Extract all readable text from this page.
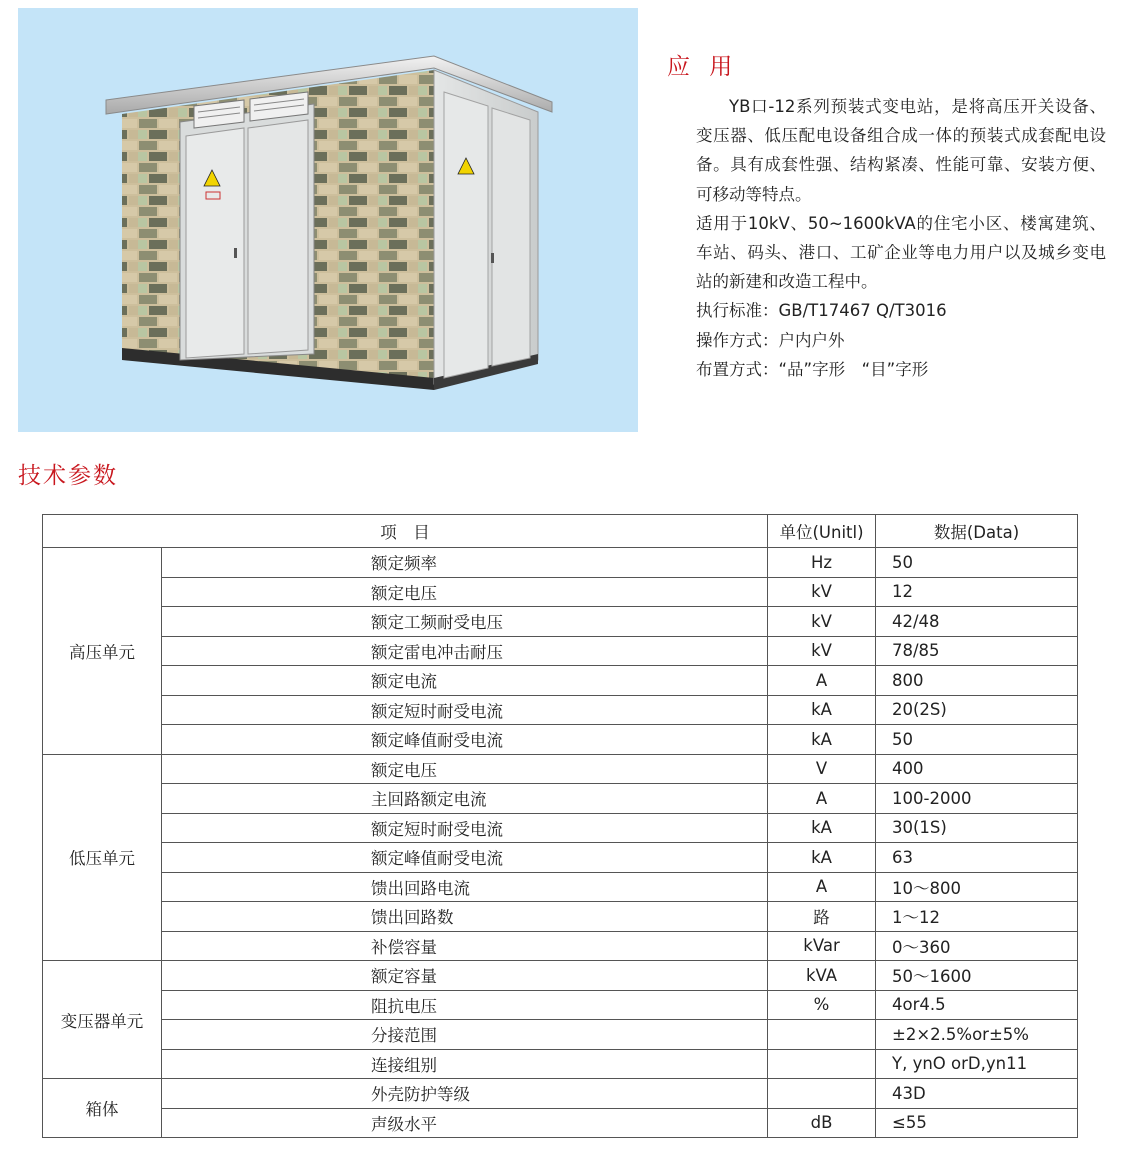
应 用

YB口-12系列预装式变电站，是将高压开关设备、变压器、低压配电设备组合成一体的预装式成套配电设备。具有成套性强、结构紧凑、性能可靠、安装方便、可移动等特点。

适用于10kV、50~1600kVA的住宅小区、楼寓建筑、车站、码头、港口、工矿企业等电力用户以及城乡变电站的新建和改造工程中。

执行标准：GB/T17467 Q/T3016

操作方式：户内户外

布置方式：“品”字形　“目”字形

技术参数
项　目		单位(Unitl)	数据(Data)
高压单元	额定频率	Hz	50
	额定电压	kV	12
	额定工频耐受电压	kV	42/48
	额定雷电冲击耐压	kV	78/85
	额定电流	A	800
	额定短时耐受电流	kA	20(2S)
	额定峰值耐受电流	kA	50
低压单元	额定电压	V	400
	主回路额定电流	A	100-2000
	额定短时耐受电流	kA	30(1S)
	额定峰值耐受电流	kA	63
	馈出回路电流	A	10～800
	馈出回路数	路	1～12
	补偿容量	kVar	0～360
变压器单元	额定容量	kVA	50～1600
	阻抗电压	%	4or4.5
	分接范围		±2×2.5%or±5%
	连接组别		Y, ynO orD,yn11
箱体	外壳防护等级		43D
	声级水平	dB	≤55
